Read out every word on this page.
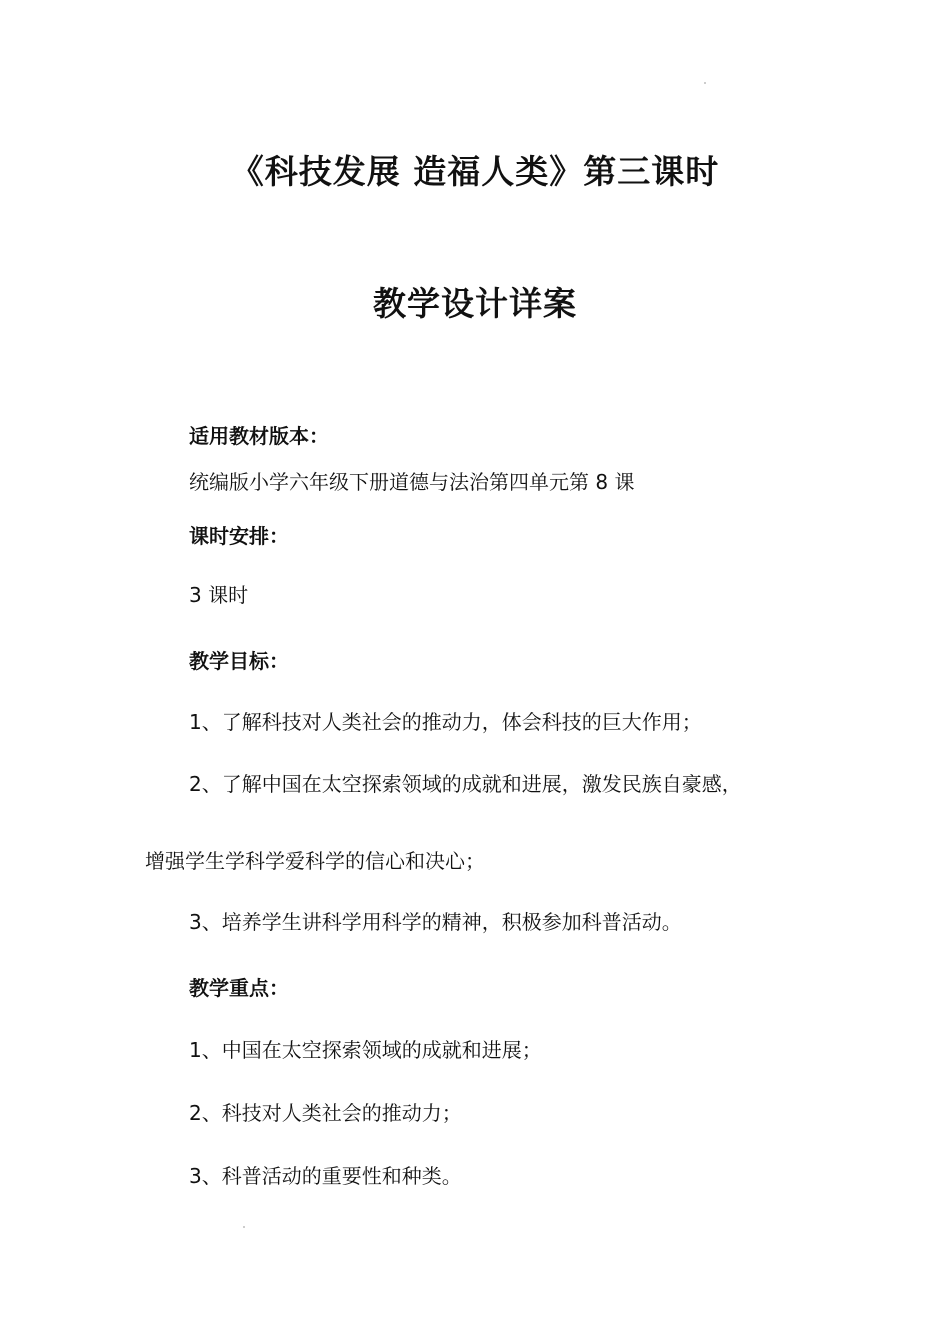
《科技发展 造福人类》第三课时
教学设计详案
适用教材版本：
统编版小学六年级下册道德与法治第四单元第 8 课
课时安排：
3 课时
教学目标：
1、了解科技对人类社会的推动力，体会科技的巨大作用；
2、了解中国在太空探索领域的成就和进展，激发民族自豪感，
增强学生学科学爱科学的信心和决心；
3、培养学生讲科学用科学的精神，积极参加科普活动。
教学重点：
1、中国在太空探索领域的成就和进展；
2、科技对人类社会的推动力；
3、科普活动的重要性和种类。
